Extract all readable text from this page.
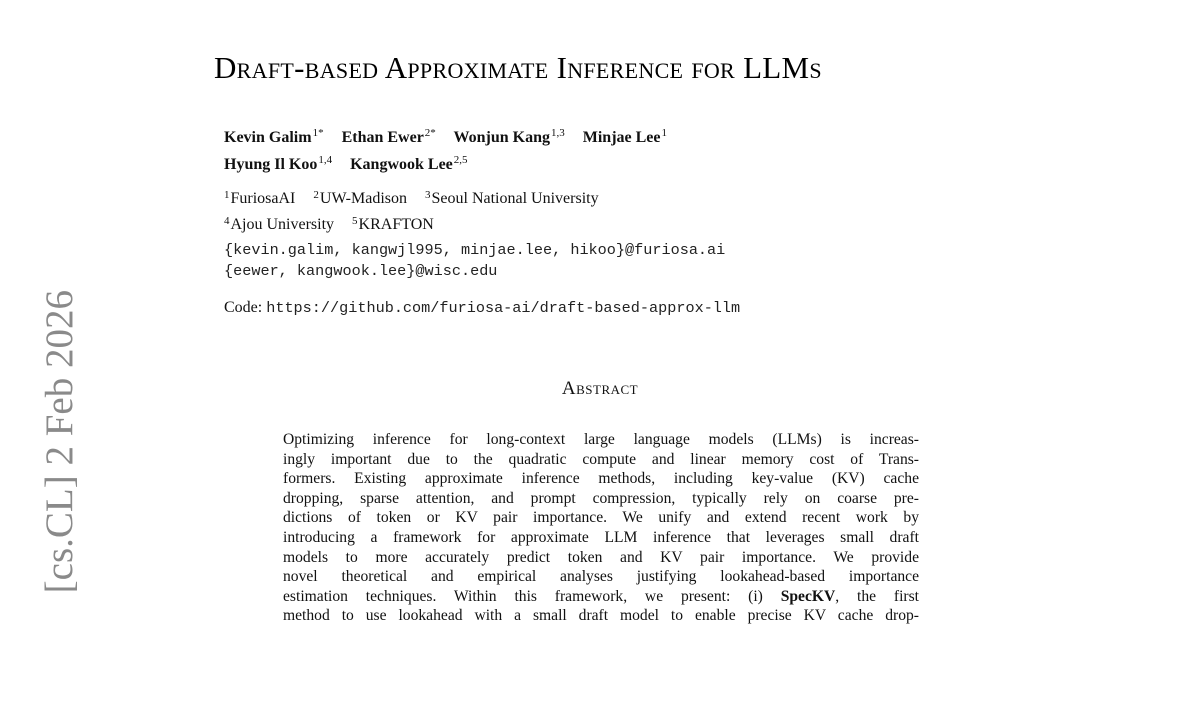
[cs.CL] 2 Feb 2026
Draft-based Approximate Inference for LLMs
Kevin Galim$^{1*}$ Ethan Ewer$^{2*}$ Wonjun Kang$^{1,3}$ Minjae Lee$^1$
Hyung Il Koo$^{1,4}$ Kangwook Lee$^{2,5}$
$^1$FuriosaAI $^2$UW-Madison $^3$Seoul National University
$^4$Ajou University $^5$KRAFTON
{kevin.galim, kangwjl995, minjae.lee, hikoo}@furiosa.ai
{eewer, kangwook.lee}@wisc.edu
Code: https://github.com/furiosa-ai/draft-based-approx-llm
Abstract
Optimizing inference for long-context large language models (LLMs) is increas-
ingly important due to the quadratic compute and linear memory cost of Trans-
formers. Existing approximate inference methods, including key-value (KV) cache
dropping, sparse attention, and prompt compression, typically rely on coarse pre-
dictions of token or KV pair importance. We unify and extend recent work by
introducing a framework for approximate LLM inference that leverages small draft
models to more accurately predict token and KV pair importance. We provide
novel theoretical and empirical analyses justifying lookahead-based importance
estimation techniques. Within this framework, we present: (i) SpecKV, the first
method to use lookahead with a small draft model to enable precise KV cache drop-
